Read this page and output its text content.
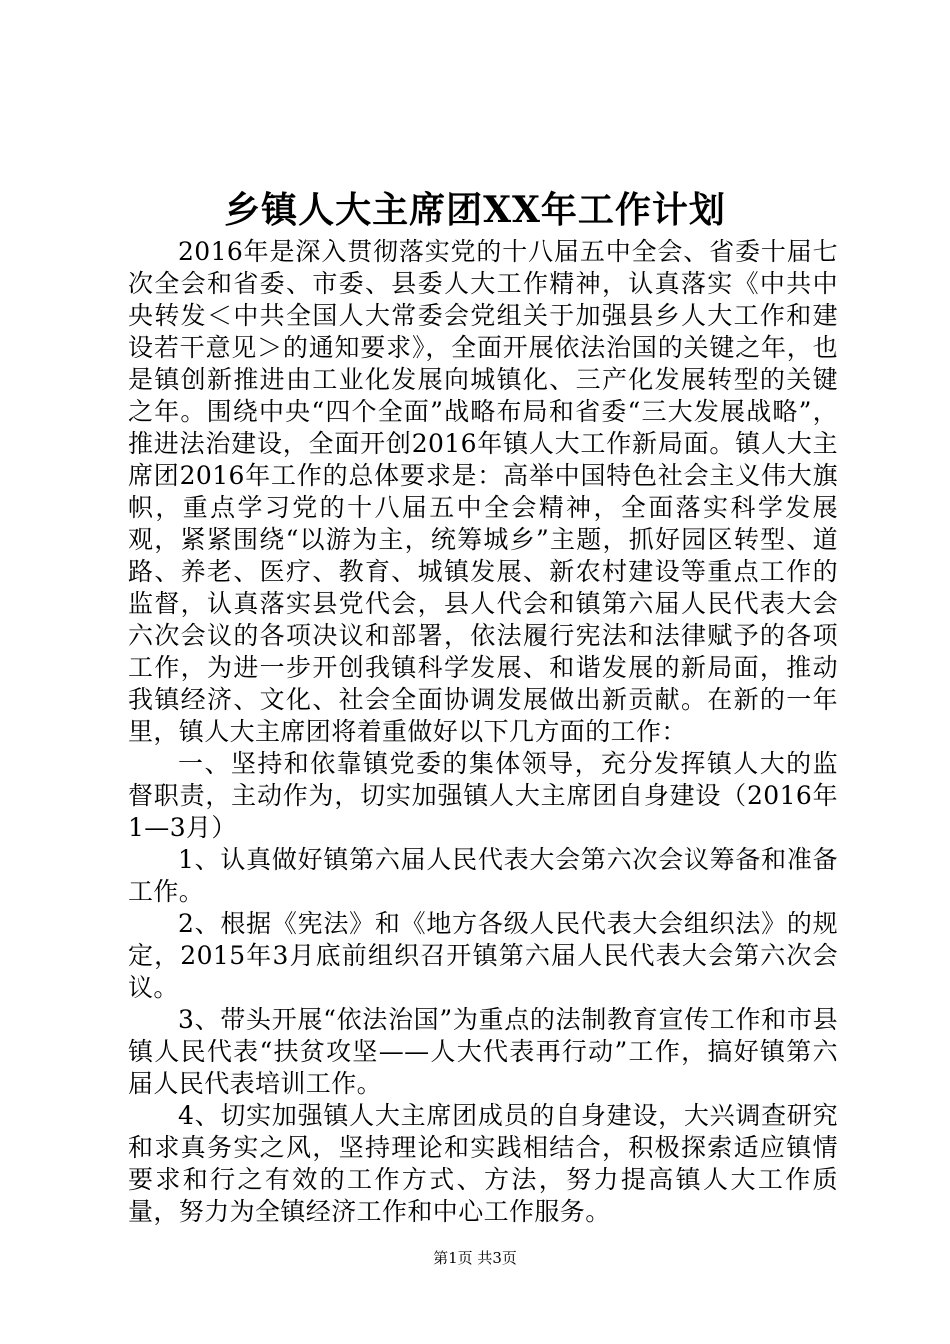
乡镇人大主席团XX年工作计划

2016年是深入贯彻落实党的十八届五中全会、省委十届七次全会和省委、市委、县委人大工作精神，认真落实《中共中央转发＜中共全国人大常委会党组关于加强县乡人大工作和建设若干意见＞的通知要求》，全面开展依法治国的关键之年，也是镇创新推进由工业化发展向城镇化、三产化发展转型的关键之年。围绕中央“四个全面”战略布局和省委“三大发展战略”，推进法治建设，全面开创2016年镇人大工作新局面。镇人大主席团2016年工作的总体要求是：高举中国特色社会主义伟大旗帜，重点学习党的十八届五中全会精神，全面落实科学发展观，紧紧围绕“以游为主，统筹城乡”主题，抓好园区转型、道路、养老、医疗、教育、城镇发展、新农村建设等重点工作的监督，认真落实县党代会，县人代会和镇第六届人民代表大会六次会议的各项决议和部署，依法履行宪法和法律赋予的各项工作，为进一步开创我镇科学发展、和谐发展的新局面，推动我镇经济、文化、社会全面协调发展做出新贡献。在新的一年里，镇人大主席团将着重做好以下几方面的工作：

一、坚持和依靠镇党委的集体领导，充分发挥镇人大的监督职责，主动作为，切实加强镇人大主席团自身建设（2016年1—3月）

1、认真做好镇第六届人民代表大会第六次会议筹备和准备工作。

2、根据《宪法》和《地方各级人民代表大会组织法》的规定，2015年3月底前组织召开镇第六届人民代表大会第六次会议。

3、带头开展“依法治国”为重点的法制教育宣传工作和市县镇人民代表“扶贫攻坚——人大代表再行动”工作，搞好镇第六届人民代表培训工作。

4、切实加强镇人大主席团成员的自身建设，大兴调查研究和求真务实之风，坚持理论和实践相结合，积极探索适应镇情要求和行之有效的工作方式、方法，努力提高镇人大工作质量，努力为全镇经济工作和中心工作服务。

第1页 共3页
